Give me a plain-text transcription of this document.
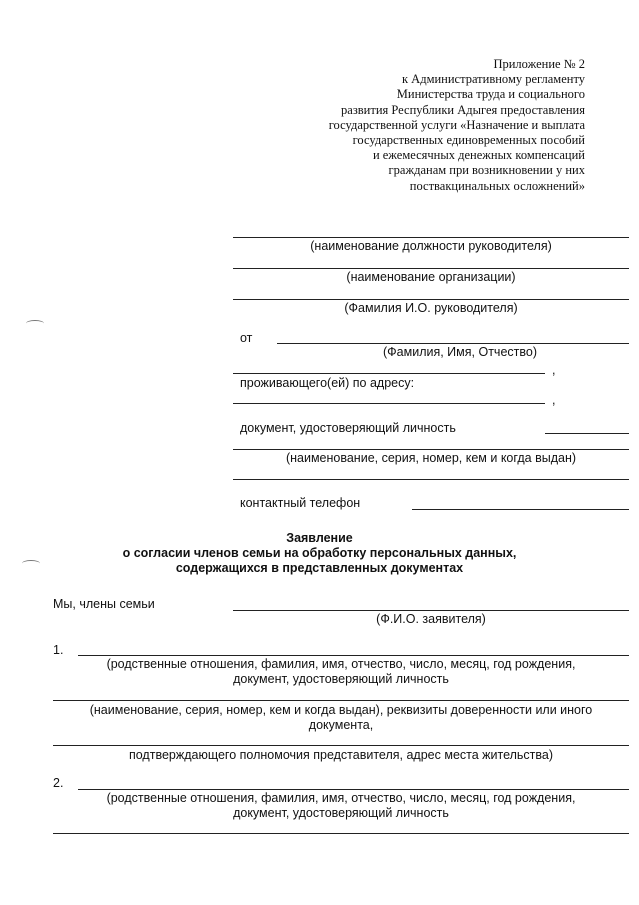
Приложение № 2
к Административному регламенту
Министерства труда и социального
развития Республики Адыгея предоставления
государственной услуги «Назначение и выплата
государственных единовременных пособий
и ежемесячных денежных компенсаций
гражданам при возникновении у них
поствакцинальных осложнений»
(наименование должности руководителя)
(наименование организации)
(Фамилия И.О. руководителя)
от
(Фамилия, Имя, Отчество)
,
проживающего(ей) по адресу:
,
документ, удостоверяющий личность
(наименование, серия, номер, кем и когда выдан)
контактный телефон
Заявление
о согласии членов семьи на обработку персональных данных,
содержащихся в представленных документах
Мы, члены семьи
(Ф.И.О. заявителя)
1.
(родственные отношения, фамилия, имя, отчество, число, месяц, год рождения,
документ, удостоверяющий личность
(наименование, серия, номер, кем и когда выдан), реквизиты доверенности или иного
документа,
подтверждающего полномочия представителя, адрес места жительства)
2.
(родственные отношения, фамилия, имя, отчество, число, месяц, год рождения,
документ, удостоверяющий личность
